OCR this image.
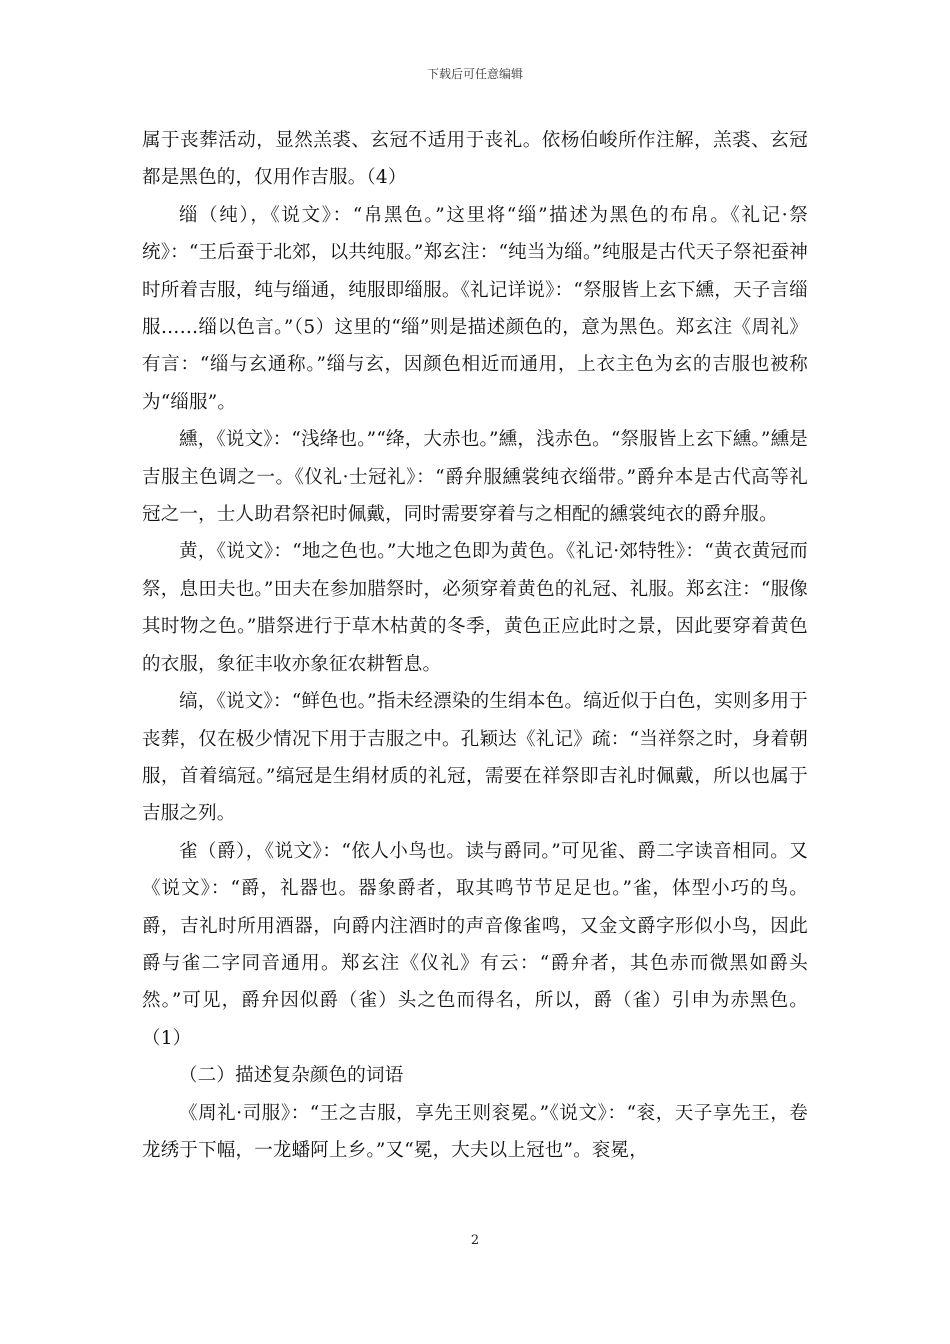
下载后可任意编辑

属于丧葬活动，显然羔裘、玄冠不适用于丧礼。依杨伯峻所作注解，羔裘、玄冠都是黑色的，仅用作吉服。（4）

缁（纯），《说文》：“帛黑色。”这里将“缁”描述为黑色的布帛。《礼记·祭统》：“王后蚕于北郊，以共纯服。”郑玄注：“纯当为缁。”纯服是古代天子祭祀蚕神时所着吉服，纯与缁通，纯服即缁服。《礼记详说》：“祭服皆上玄下纁，天子言缁服……缁以色言。”（5）这里的“缁”则是描述颜色的，意为黑色。郑玄注《周礼》有言：“缁与玄通称。”缁与玄，因颜色相近而通用，上衣主色为玄的吉服也被称为“缁服”。

纁，《说文》：“浅绛也。”“绛，大赤也。”纁，浅赤色。“祭服皆上玄下纁。”纁是吉服主色调之一。《仪礼·士冠礼》：“爵弁服纁裳纯衣缁带。”爵弁本是古代高等礼冠之一，士人助君祭祀时佩戴，同时需要穿着与之相配的纁裳纯衣的爵弁服。

黄，《说文》：“地之色也。”大地之色即为黄色。《礼记·郊特牲》：“黄衣黄冠而祭，息田夫也。”田夫在参加腊祭时，必须穿着黄色的礼冠、礼服。郑玄注：“服像其时物之色。”腊祭进行于草木枯黄的冬季，黄色正应此时之景，因此要穿着黄色的衣服，象征丰收亦象征农耕暂息。

缟，《说文》：“鲜色也。”指未经漂染的生绢本色。缟近似于白色，实则多用于丧葬，仅在极少情况下用于吉服之中。孔颖达《礼记》疏：“当祥祭之时，身着朝服，首着缟冠。”缟冠是生绢材质的礼冠，需要在祥祭即吉礼时佩戴，所以也属于吉服之列。

雀（爵），《说文》：“依人小鸟也。读与爵同。”可见雀、爵二字读音相同。又《说文》：“爵，礼器也。器象爵者，取其鸣节节足足也。”雀，体型小巧的鸟。爵，吉礼时所用酒器，向爵内注酒时的声音像雀鸣，又金文爵字形似小鸟，因此爵与雀二字同音通用。郑玄注《仪礼》有云：“爵弁者，其色赤而微黑如爵头然。”可见，爵弁因似爵（雀）头之色而得名，所以，爵（雀）引申为赤黑色。（1）

（二）描述复杂颜色的词语

《周礼·司服》：“王之吉服，享先王则衮冕。”《说文》：“衮，天子享先王，卷龙绣于下幅，一龙蟠阿上乡。”又“冕，大夫以上冠也”。衮冕，

2
